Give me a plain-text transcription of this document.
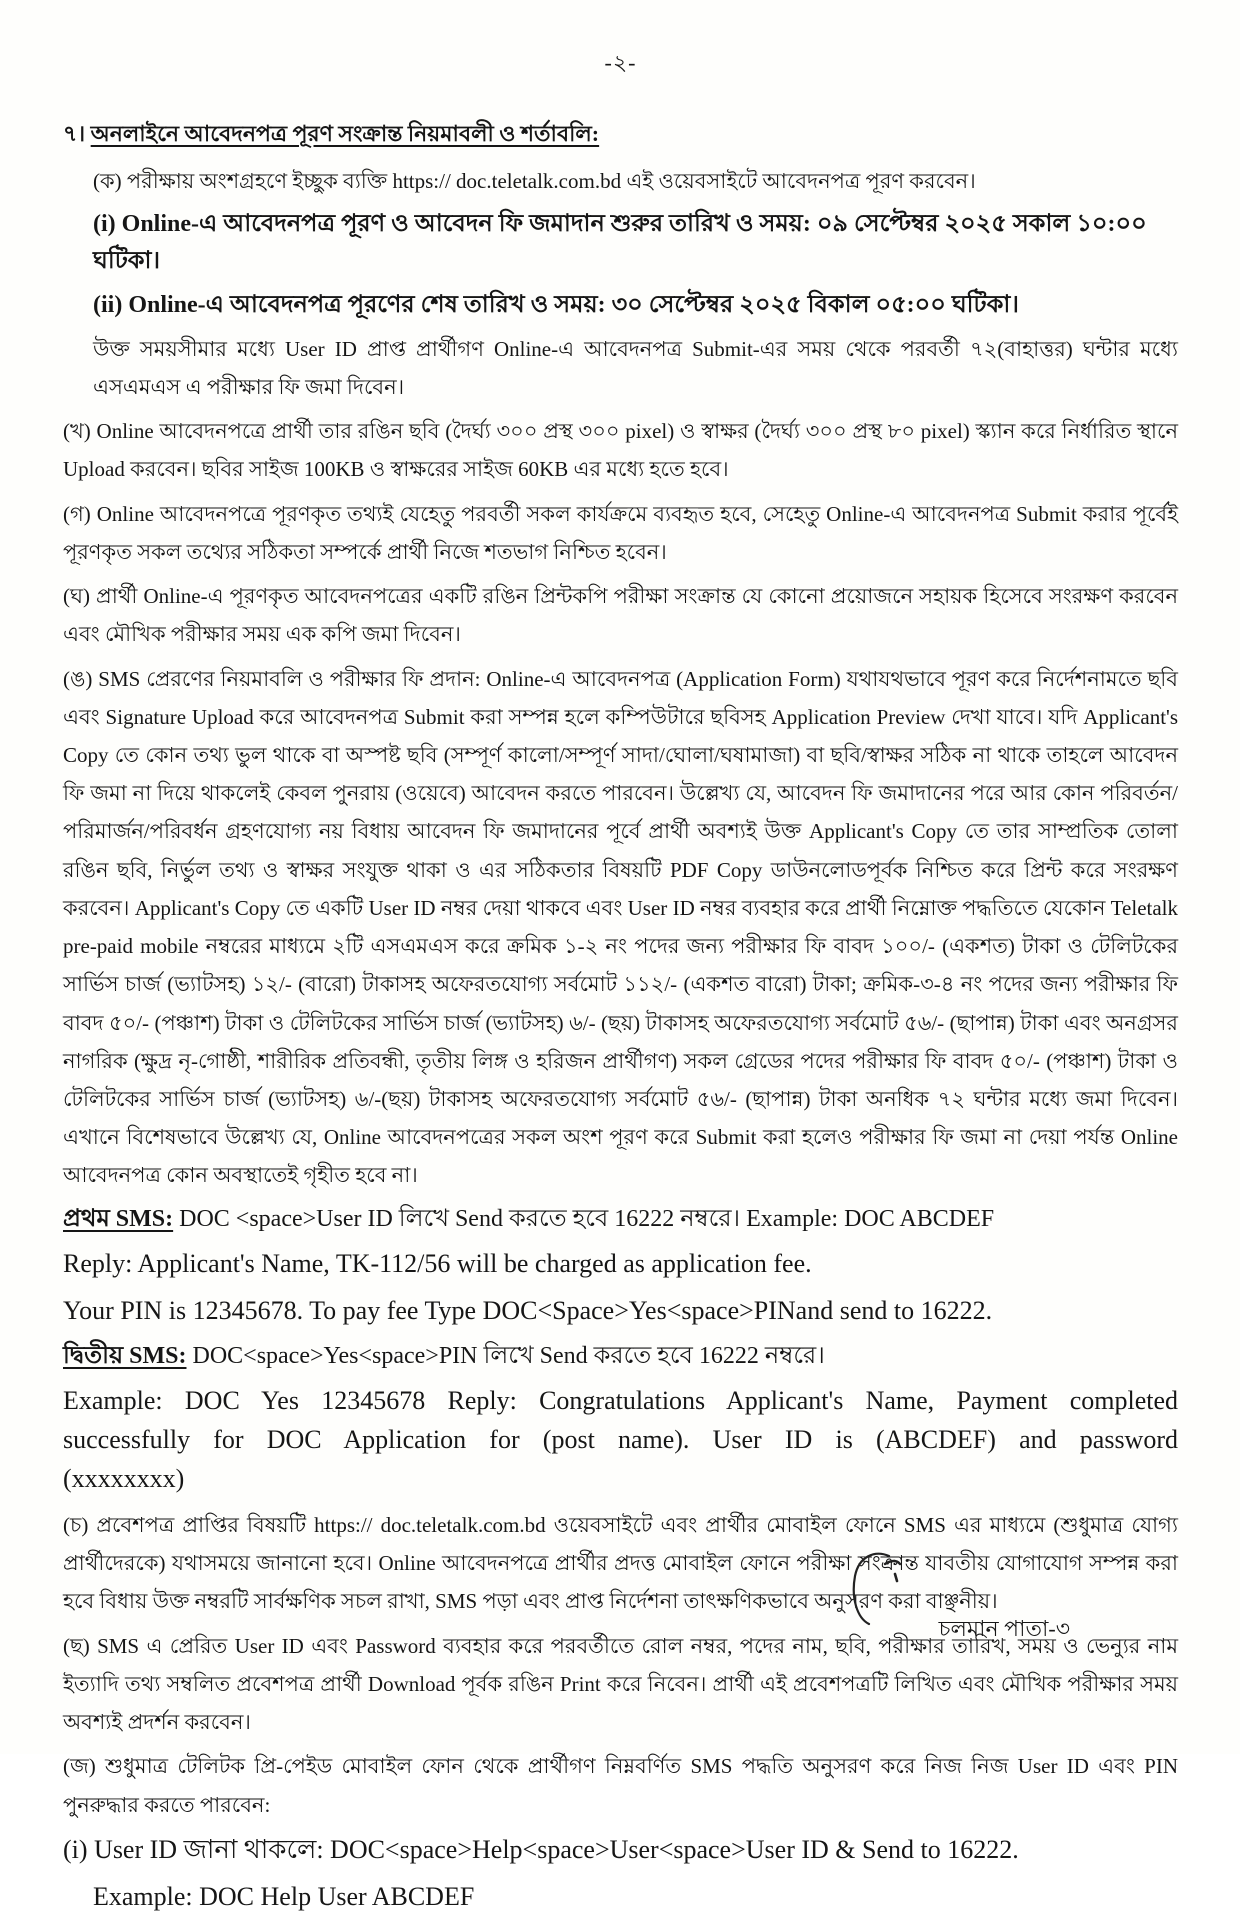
-২-
৭। অনলাইনে আবেদনপত্র পূরণ সংক্রান্ত নিয়মাবলী ও শর্তাবলি:

(ক) পরীক্ষায় অংশগ্রহণে ইচ্ছুক ব্যক্তি https:// doc.teletalk.com.bd এই ওয়েবসাইটে আবেদনপত্র পূরণ করবেন।

(i) Online-এ আবেদনপত্র পূরণ ও আবেদন ফি জমাদান শুরুর তারিখ ও সময়: ০৯ সেপ্টেম্বর ২০২৫ সকাল ১০:০০ ঘটিকা।

(ii) Online-এ আবেদনপত্র পূরণের শেষ তারিখ ও সময়: ৩০ সেপ্টেম্বর ২০২৫ বিকাল ০৫:০০ ঘটিকা।

উক্ত সময়সীমার মধ্যে User ID প্রাপ্ত প্রার্থীগণ Online-এ আবেদনপত্র Submit-এর সময় থেকে পরবর্তী ৭২(বাহাত্তর) ঘন্টার মধ্যে এসএমএস এ পরীক্ষার ফি জমা দিবেন।

(খ) Online আবেদনপত্রে প্রার্থী তার রঙিন ছবি (দৈর্ঘ্য ৩০০ প্রস্থ ৩০০ pixel) ও স্বাক্ষর (দৈর্ঘ্য ৩০০ প্রস্থ ৮০ pixel) স্ক্যান করে নির্ধারিত স্থানে Upload করবেন। ছবির সাইজ 100KB ও স্বাক্ষরের সাইজ 60KB এর মধ্যে হতে হবে।

(গ) Online আবেদনপত্রে পূরণকৃত তথ্যই যেহেতু পরবর্তী সকল কার্যক্রমে ব্যবহৃত হবে, সেহেতু Online-এ আবেদনপত্র Submit করার পূর্বেই পূরণকৃত সকল তথ্যের সঠিকতা সম্পর্কে প্রার্থী নিজে শতভাগ নিশ্চিত হবেন।

(ঘ) প্রার্থী Online-এ পূরণকৃত আবেদনপত্রের একটি রঙিন প্রিন্টকপি পরীক্ষা সংক্রান্ত যে কোনো প্রয়োজনে সহায়ক হিসেবে সংরক্ষণ করবেন এবং মৌখিক পরীক্ষার সময় এক কপি জমা দিবেন।

(ঙ) SMS প্রেরণের নিয়মাবলি ও পরীক্ষার ফি প্রদান: Online-এ আবেদনপত্র (Application Form) যথাযথভাবে পূরণ করে নির্দেশনামতে ছবি এবং Signature Upload করে আবেদনপত্র Submit করা সম্পন্ন হলে কম্পিউটারে ছবিসহ Application Preview দেখা যাবে। যদি Applicant's Copy তে কোন তথ্য ভুল থাকে বা অস্পষ্ট ছবি (সম্পূর্ণ কালো/সম্পূর্ণ সাদা/ঘোলা/ঘষামাজা) বা ছবি/স্বাক্ষর সঠিক না থাকে তাহলে আবেদন ফি জমা না দিয়ে থাকলেই কেবল পুনরায় (ওয়েবে) আবেদন করতে পারবেন। উল্লেখ্য যে, আবেদন ফি জমাদানের পরে আর কোন পরিবর্তন/পরিমার্জন/পরিবর্ধন গ্রহণযোগ্য নয় বিধায় আবেদন ফি জমাদানের পূর্বে প্রার্থী অবশ্যই উক্ত Applicant's Copy তে তার সাম্প্রতিক তোলা রঙিন ছবি, নির্ভুল তথ্য ও স্বাক্ষর সংযুক্ত থাকা ও এর সঠিকতার বিষয়টি PDF Copy ডাউনলোডপূর্বক নিশ্চিত করে প্রিন্ট করে সংরক্ষণ করবেন। Applicant's Copy তে একটি User ID নম্বর দেয়া থাকবে এবং User ID নম্বর ব্যবহার করে প্রার্থী নিম্নোক্ত পদ্ধতিতে যেকোন Teletalk pre-paid mobile নম্বরের মাধ্যমে ২টি এসএমএস করে ক্রমিক ১-২ নং পদের জন্য পরীক্ষার ফি বাবদ ১০০/- (একশত) টাকা ও টেলিটকের সার্ভিস চার্জ (ভ্যাটসহ) ১২/- (বারো) টাকাসহ অফেরতযোগ্য সর্বমোট ১১২/- (একশত বারো) টাকা; ক্রমিক-৩-৪ নং পদের জন্য পরীক্ষার ফি বাবদ ৫০/- (পঞ্চাশ) টাকা ও টেলিটকের সার্ভিস চার্জ (ভ্যাটসহ) ৬/- (ছয়) টাকাসহ অফেরতযোগ্য সর্বমোট ৫৬/- (ছাপান্ন) টাকা এবং অনগ্রসর নাগরিক (ক্ষুদ্র নৃ-গোষ্ঠী, শারীরিক প্রতিবন্ধী, তৃতীয় লিঙ্গ ও হরিজন প্রার্থীগণ) সকল গ্রেডের পদের পরীক্ষার ফি বাবদ ৫০/- (পঞ্চাশ) টাকা ও টেলিটকের সার্ভিস চার্জ (ভ্যাটসহ) ৬/-(ছয়) টাকাসহ অফেরতযোগ্য সর্বমোট ৫৬/- (ছাপান্ন) টাকা অনধিক ৭২ ঘন্টার মধ্যে জমা দিবেন। এখানে বিশেষভাবে উল্লেখ্য যে, Online আবেদনপত্রের সকল অংশ পূরণ করে Submit করা হলেও পরীক্ষার ফি জমা না দেয়া পর্যন্ত Online আবেদনপত্র কোন অবস্থাতেই গৃহীত হবে না।

প্রথম SMS: DOC <space>User ID লিখে Send করতে হবে 16222 নম্বরে। Example: DOC ABCDEF

Reply: Applicant's Name, TK-112/56 will be charged as application fee.

Your PIN is 12345678. To pay fee Type DOC<Space>Yes<space>PINand send to 16222.

দ্বিতীয় SMS: DOC<space>Yes<space>PIN লিখে Send করতে হবে 16222 নম্বরে।

Example: DOC Yes 12345678 Reply: Congratulations Applicant's Name, Payment completed successfully for DOC Application for (post name). User ID is (ABCDEF) and password (xxxxxxxx)

(চ) প্রবেশপত্র প্রাপ্তির বিষয়টি https:// doc.teletalk.com.bd ওয়েবসাইটে এবং প্রার্থীর মোবাইল ফোনে SMS এর মাধ্যমে (শুধুমাত্র যোগ্য প্রার্থীদেরকে) যথাসময়ে জানানো হবে। Online আবেদনপত্রে প্রার্থীর প্রদত্ত মোবাইল ফোনে পরীক্ষা সংক্রান্ত যাবতীয় যোগাযোগ সম্পন্ন করা হবে বিধায় উক্ত নম্বরটি সার্বক্ষণিক সচল রাখা, SMS পড়া এবং প্রাপ্ত নির্দেশনা তাৎক্ষণিকভাবে অনুসরণ করা বাঞ্ছনীয়।

(ছ) SMS এ প্রেরিত User ID এবং Password ব্যবহার করে পরবর্তীতে রোল নম্বর, পদের নাম, ছবি, পরীক্ষার তারিখ, সময় ও ভেন্যুর নাম ইত্যাদি তথ্য সম্বলিত প্রবেশপত্র প্রার্থী Download পূর্বক রঙিন Print করে নিবেন। প্রার্থী এই প্রবেশপত্রটি লিখিত এবং মৌখিক পরীক্ষার সময় অবশ্যই প্রদর্শন করবেন।

(জ) শুধুমাত্র টেলিটক প্রি-পেইড মোবাইল ফোন থেকে প্রার্থীগণ নিম্নবর্ণিত SMS পদ্ধতি অনুসরণ করে নিজ নিজ User ID এবং PIN পুনরুদ্ধার করতে পারবেন:

(i) User ID জানা থাকলে: DOC<space>Help<space>User<space>User ID & Send to 16222.

Example: DOC Help User ABCDEF

চলমান পাতা-৩
